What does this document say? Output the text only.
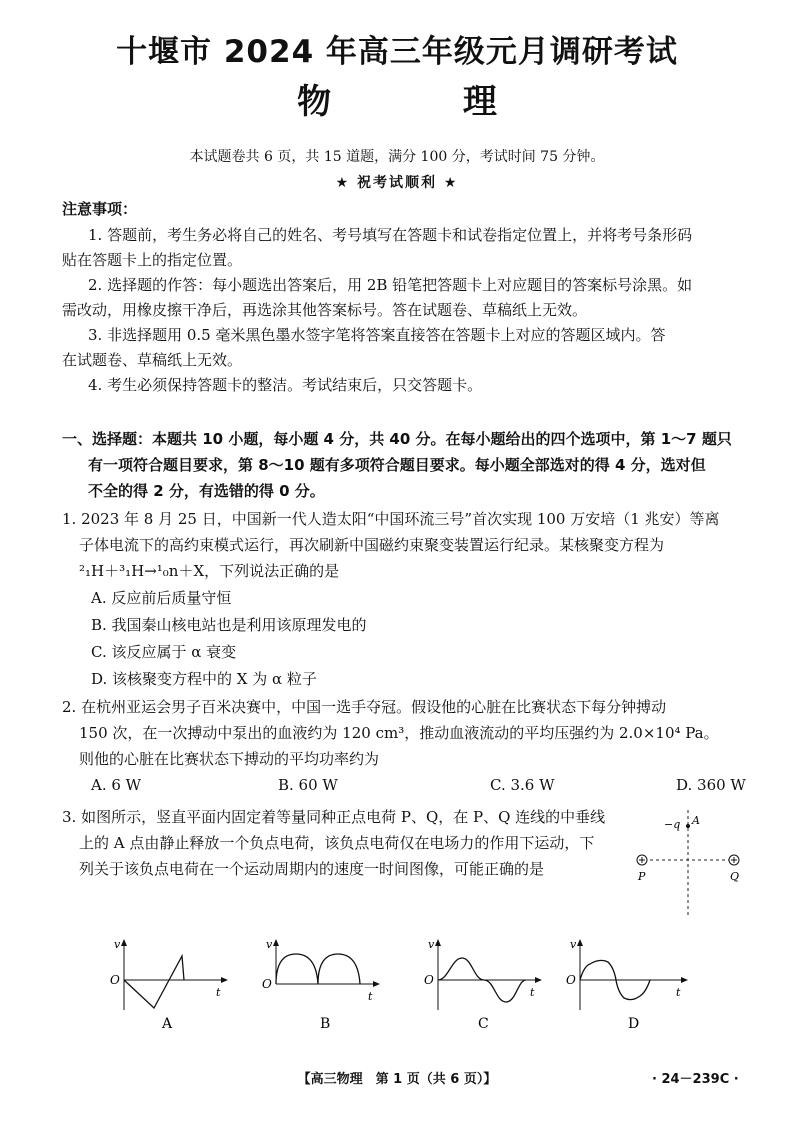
十堰市 2024 年高三年级元月调研考试
物 理
本试题卷共 6 页，共 15 道题，满分 100 分，考试时间 75 分钟。
★ 祝考试顺利 ★
注意事项：
1. 答题前，考生务必将自己的姓名、考号填写在答题卡和试卷指定位置上，并将考号条形码
贴在答题卡上的指定位置。
2. 选择题的作答：每小题选出答案后，用 2B 铅笔把答题卡上对应题目的答案标号涂黑。如
需改动，用橡皮擦干净后，再选涂其他答案标号。答在试题卷、草稿纸上无效。
3. 非选择题用 0.5 毫米黑色墨水签字笔将答案直接答在答题卡上对应的答题区域内。答
在试题卷、草稿纸上无效。
4. 考生必须保持答题卡的整洁。考试结束后，只交答题卡。
一、选择题：本题共 10 小题，每小题 4 分，共 40 分。在每小题给出的四个选项中，第 1～7 题只
有一项符合题目要求，第 8～10 题有多项符合题目要求。每小题全部选对的得 4 分，选对但
不全的得 2 分，有选错的得 0 分。
1. 2023 年 8 月 25 日，中国新一代人造太阳“中国环流三号”首次实现 100 万安培（1 兆安）等离
子体电流下的高约束模式运行，再次刷新中国磁约束聚变装置运行纪录。某核聚变方程为
²₁H＋³₁H→¹₀n＋X，下列说法正确的是
A. 反应前后质量守恒
B. 我国秦山核电站也是利用该原理发电的
C. 该反应属于 α 衰变
D. 该核聚变方程中的 X 为 α 粒子
2. 在杭州亚运会男子百米决赛中，中国一选手夺冠。假设他的心脏在比赛状态下每分钟搏动
150 次，在一次搏动中泵出的血液约为 120 cm³，推动血液流动的平均压强约为 2.0×10⁴ Pa。
则他的心脏在比赛状态下搏动的平均功率约为
A. 6 W	B. 60 W	C. 3.6 W	D. 360 W
3. 如图所示，竖直平面内固定着等量同种正点电荷 P、Q，在 P、Q 连线的中垂线
上的 A 点由静止释放一个负点电荷，该负点电荷仅在电场力的作用下运动，下
列关于该负点电荷在一个运动周期内的速度一时间图像，可能正确的是
−q A
P	Q
v
O
t
A
v
O
t
B
v
O
t
C
v
O
t
D
【高三物理　第 1 页（共 6 页）】	· 24－239C ·
